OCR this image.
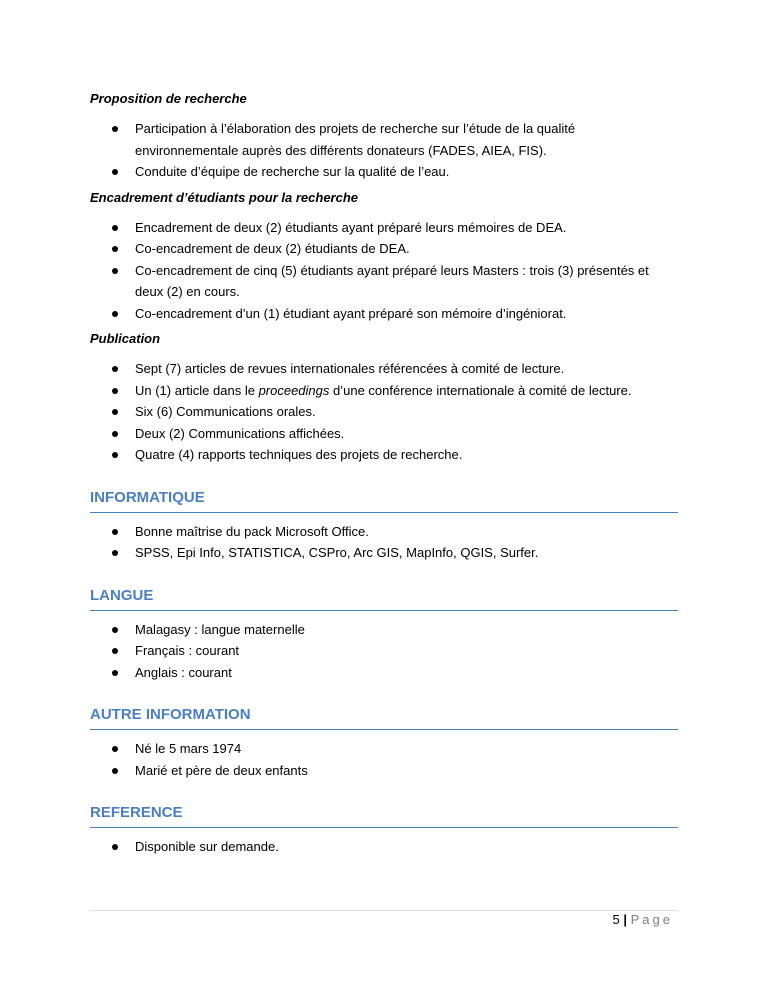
Proposition de recherche
Participation à l’élaboration des projets de recherche sur l’étude de la qualité environnementale auprès des différents donateurs (FADES, AIEA, FIS).
Conduite d’équipe de recherche sur la qualité de l’eau.
Encadrement d’étudiants pour la recherche
Encadrement de deux (2) étudiants ayant préparé leurs mémoires de DEA.
Co-encadrement de deux (2) étudiants de DEA.
Co-encadrement de cinq (5) étudiants ayant préparé leurs Masters : trois (3) présentés et deux (2) en cours.
Co-encadrement d’un (1) étudiant ayant préparé son mémoire d’ingéniorat.
Publication
Sept (7) articles de revues internationales référencées à comité de lecture.
Un (1) article dans le proceedings d’une conférence internationale à comité de lecture.
Six (6) Communications orales.
Deux (2) Communications affichées.
Quatre (4) rapports techniques des projets de recherche.
INFORMATIQUE
Bonne maîtrise du pack Microsoft Office.
SPSS, Epi Info, STATISTICA, CSPro, Arc GIS, MapInfo, QGIS, Surfer.
LANGUE
Malagasy : langue maternelle
Français : courant
Anglais : courant
AUTRE INFORMATION
Né le 5 mars 1974
Marié et père de deux enfants
REFERENCE
Disponible sur demande.
5 | Page
